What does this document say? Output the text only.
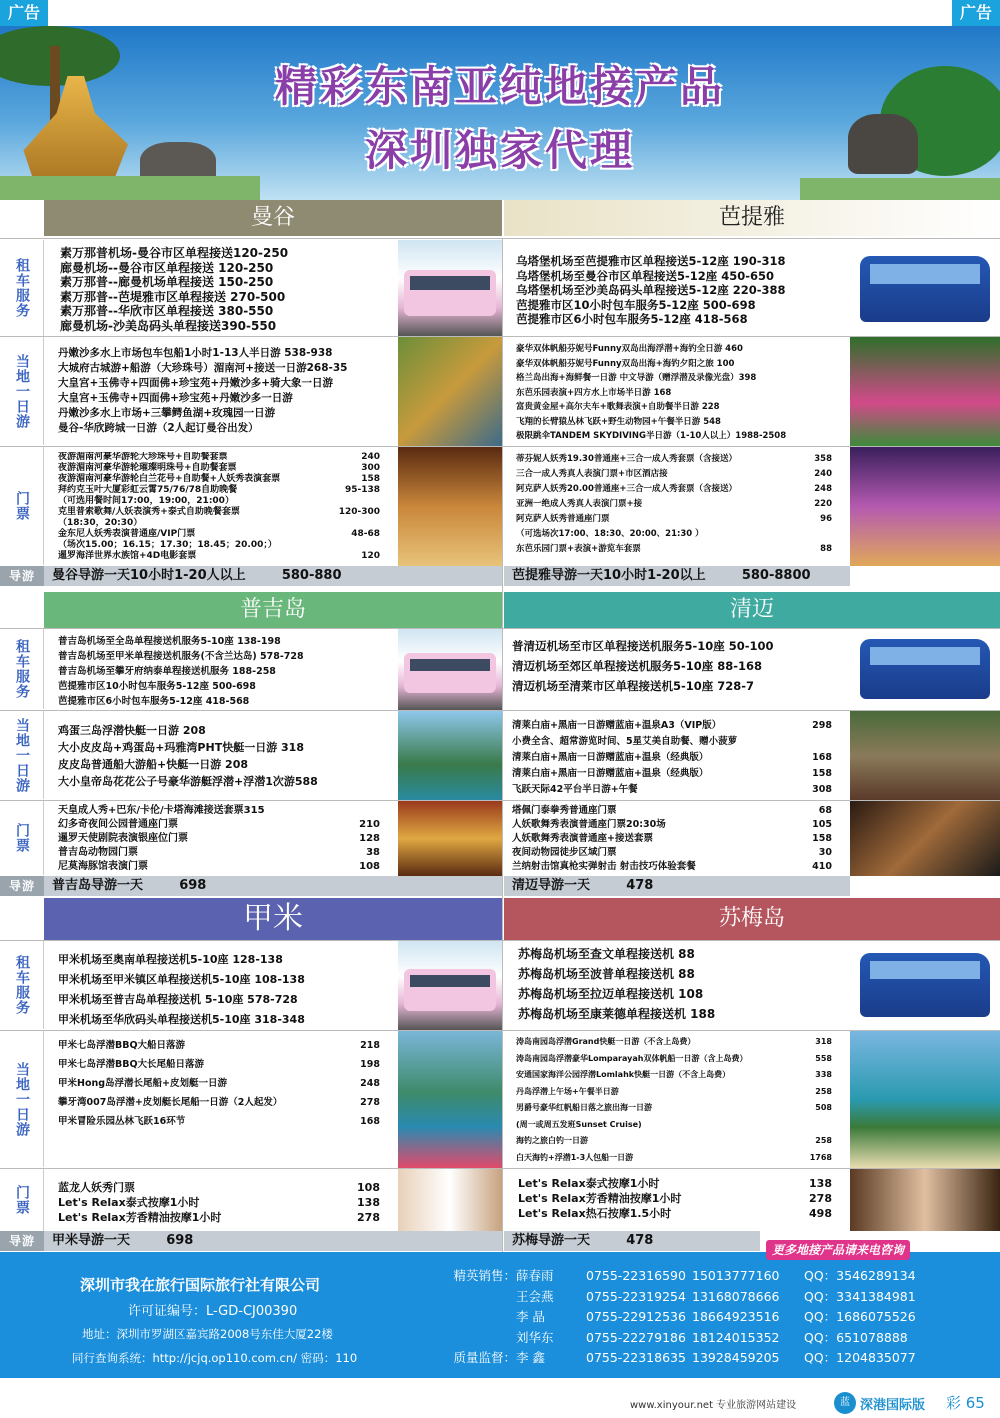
广告	广告
精彩东南亚纯地接产品
深圳独家代理
曼谷	芭提雅
普吉岛	清迈
甲米	苏梅岛
租车服务
当地一日游
门票
导游
租车服务
当地一日游
门票
导游
租车服务
当地一日游
门票
导游
素万那普机场-曼谷市区单程接送120-250
廊曼机场--曼谷市区单程接送 120-250
素万那普--廊曼机场单程接送 150-250
素万那普--芭堤雅市区单程接送 270-500
素万那普--华欣市区单程接送 380-550
廊曼机场-沙美岛码头单程接送390-550
丹嫩沙多水上市场包车包船1小时1-13人半日游 538-938
大城府古城游+船游（大珍珠号）湄南河+接送一日游268-35
大皇宫+玉佛寺+四面佛+珍宝苑+丹嫩沙多+骑大象一日游
大皇宫+玉佛寺+四面佛+珍宝苑+丹嫩沙多一日游
丹嫩沙多水上市场+三攀鳄鱼湖+玫瑰园一日游
曼谷-华欣跨城一日游（2人起订曼谷出发）
夜游湄南河豪华游轮大珍珠号+自助餐套票	240
夜游湄南河豪华游轮璀璨明珠号+自助餐套票	300
夜游湄南河豪华游轮白兰花号+自助餐+人妖秀表演套票	158
拜约克玉叶大厦彩虹云霄75/76/78自助晚餐	95-138
（可选用餐时间17:00，19:00，21:00）
克里普索歌舞/人妖表演秀+泰式自助晚餐套票	120-300
（18:30，20:30）
金东尼人妖秀表演普通座/VIP门票	48-68
（场次15.00；16.15；17.30；18.45；20.00；）
暹罗海洋世界水族馆+4D电影套票	120
曼谷导游一天10小时1-20人以上        580-880
乌塔堡机场至芭提雅市区单程接送5-12座 190-318
乌塔堡机场至曼谷市区单程接送5-12座 450-650
乌塔堡机场至沙美岛码头单程接送5-12座 220-388
芭提雅市区10小时包车服务5-12座 500-698
芭提雅市区6小时包车服务5-12座 418-568
豪华双体帆船芬妮号Funny双岛出海浮潜+海钓全日游 460
豪华双体帆船芬妮号Funny双岛出海+海钓夕阳之旅 100
格兰岛出海+海鲜餐一日游 中文导游（赠浮潜及录像光盘）398
东芭乐园表演+四方水上市场半日游 168
富贵黄金屋+高尔夫车+歌舞表演+自助餐半日游 228
飞翔的长臂猿丛林飞跃+野生动物园+午餐半日游 548
极限跳伞TANDEM SKYDIVING半日游（1-10人以上）1988-2508
蒂芬妮人妖秀19.30普通座+三合一成人秀套票（含接送）	358
三合一成人秀真人表演门票+市区酒店接	240
阿克萨人妖秀20.00普通座+三合一成人秀套票（含接送）	248
亚洲一绝成人秀真人表演门票+接	220
阿克萨人妖秀普通座门票	96
（可选场次17:00、18:30、20:00、21:30 ）
东芭乐园门票+表演+游览车套票	88
芭提雅导游一天10小时1-20以上        580-8800
普吉岛机场至全岛单程接送机服务5-10座 138-198
普吉岛机场至甲米单程接送机服务(不含兰达岛) 578-728
普吉岛机场至攀牙府纳泰单程接送机服务 188-258
芭提雅市区10小时包车服务5-12座 500-698
芭提雅市区6小时包车服务5-12座 418-568
鸡蛋三岛浮潜快艇一日游 208
大小皮皮岛+鸡蛋岛+玛雅湾PHT快艇一日游 318
皮皮岛普通船大游船+快艇一日游 208
大小皇帝岛花花公子号豪华游艇浮潜+浮潜1次游588
天皇成人秀+巴东/卡伦/卡塔海滩接送套票315
幻多奇夜间公园普通座门票	210
暹罗天使剧院表演银座位门票	128
普吉岛动物园门票	38
尼莫海豚馆表演门票	108
普吉岛导游一天        698
普清迈机场至市区单程接送机服务5-10座 50-100
清迈机场至郊区单程接送机服务5-10座 88-168
清迈机场至清莱市区单程接送机5-10座 728-7
清莱白庙+黑庙一日游赠蓝庙+温泉A3（VIP版）	298
小费全含、超常游览时间、5星艾美自助餐、赠小菠萝
清莱白庙+黑庙一日游赠蓝庙+温泉（经典版）	168
清莱白庙+黑庙一日游赠蓝庙+温泉（经典版）	158
飞跃天际42平台半日游+午餐	308
塔佩门泰拳秀普通座门票	68
人妖歌舞秀表演普通座门票20:30场	105
人妖歌舞秀表演普通座+接送套票	158
夜间动物园徒步区域门票	30
兰纳射击馆真枪实弹射击 射击技巧体验套餐	410
清迈导游一天        478
甲米机场至奥南单程接送机5-10座 128-138
甲米机场至甲米镇区单程接送机5-10座 108-138
甲米机场至普吉岛单程接送机 5-10座 578-728
甲米机场至华欣码头单程接送机5-10座 318-348
甲米七岛浮潜BBQ大船日落游	218
甲米七岛浮潜BBQ大长尾船日落游	198
甲米Hong岛浮潜长尾船+皮划艇一日游	248
攀牙湾007岛浮潜+皮划艇长尾船一日游（2人起发）	278
甲米冒险乐园丛林飞跃16环节	168
蓝龙人妖秀门票	108
Let's Relax泰式按摩1小时	138
Let's Relax芳香精油按摩1小时	278
甲米导游一天        698
苏梅岛机场至查文单程接送机 88
苏梅岛机场至波普单程接送机 88
苏梅岛机场至拉迈单程接送机 108
苏梅岛机场至康莱德单程接送机 188
涛岛南园岛浮潜Grand快艇一日游（不含上岛费）	318
涛岛南园岛浮潜豪华Lomparayah双体帆船一日游（含上岛费）	558
安通国家海洋公园浮潜Lomlahk快艇一日游（不含上岛费）	338
丹岛浮潜上午场+午餐半日游	258
男爵号豪华红帆船日落之旅出海一日游	508
(周一或周五发班Sunset Cruise)
海钓之旅白钓一日游	258
白天海钓+浮潜1-3人包船一日游	1768
Let's Relax泰式按摩1小时	138
Let's Relax芳香精油按摩1小时	278
Let's Relax热石按摩1.5小时	498
苏梅导游一天        478
更多地接产品请来电咨询
深圳市我在旅行国际旅行社有限公司
许可证编号：L-GD-CJ00390
地址：深圳市罗湖区嘉宾路2008号东佳大厦22楼
同行查询系统：http://jcjq.op110.com.cn/ 密码：110
精英销售：薛春雨	0755-22316590 15013777160 QQ：3546289134
王会燕	0755-22319254 13168078666 QQ：3341384981
李 晶	0755-22912536 18664923516 QQ：1686075526
刘华东	0755-22279186 18124015352 QQ：651078888
质量监督：李 鑫	0755-22318635 13928459205 QQ：1204835077
www.xinyour.net 专业旅游网站建设	蓝 深港国际版 彩 65
